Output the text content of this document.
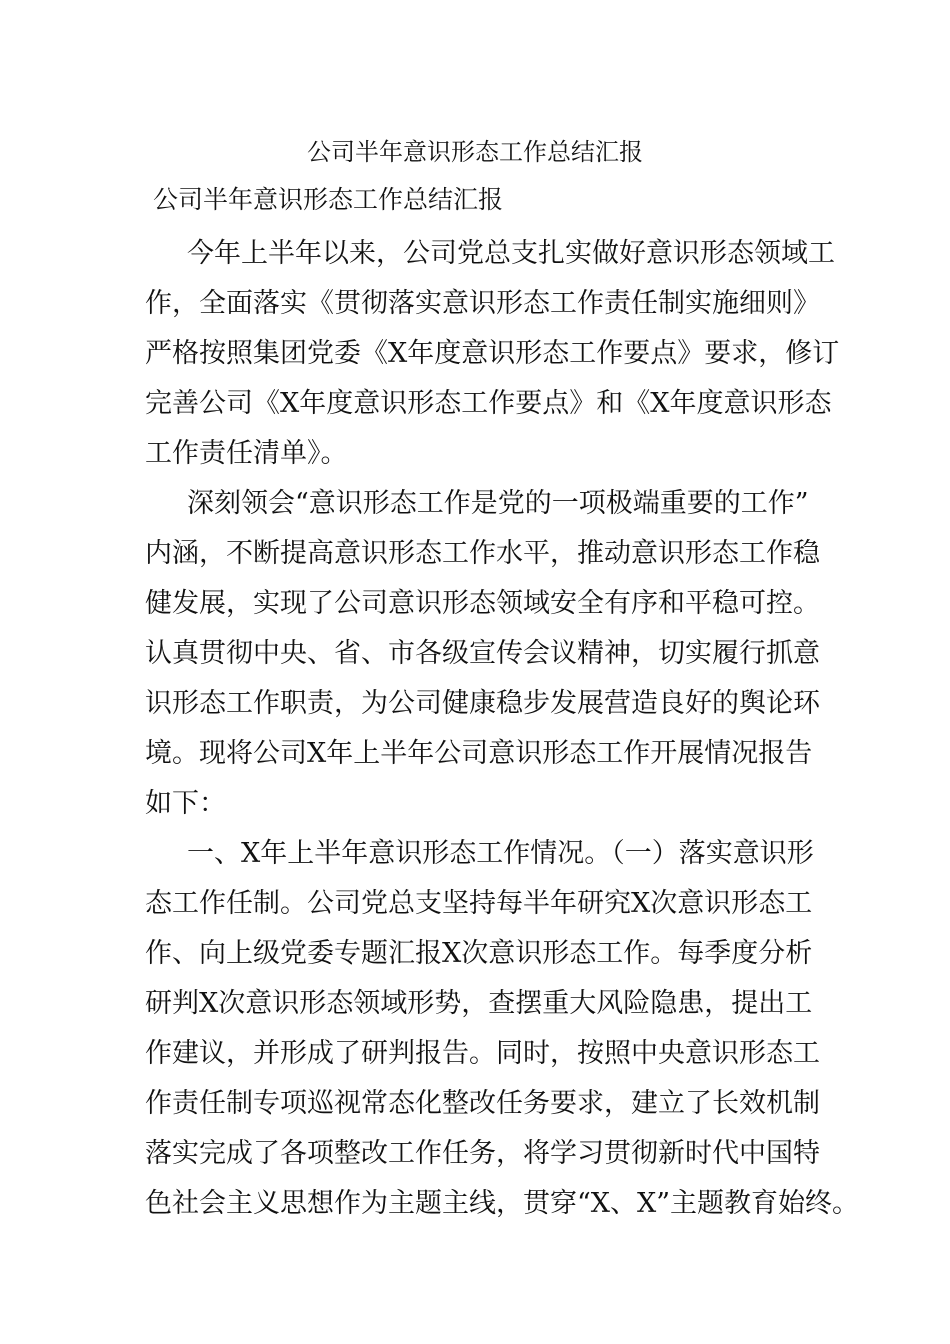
公司半年意识形态工作总结汇报
公司半年意识形态工作总结汇报
今年上半年以来，公司党总支扎实做好意识形态领域工
作，全面落实《贯彻落实意识形态工作责任制实施细则》
严格按照集团党委《X年度意识形态工作要点》要求，修订
完善公司《X年度意识形态工作要点》和《X年度意识形态
工作责任清单》。
深刻领会“意识形态工作是党的一项极端重要的工作”
内涵，不断提高意识形态工作水平，推动意识形态工作稳
健发展，实现了公司意识形态领域安全有序和平稳可控。
认真贯彻中央、省、市各级宣传会议精神，切实履行抓意
识形态工作职责，为公司健康稳步发展营造良好的舆论环
境。现将公司X年上半年公司意识形态工作开展情况报告
如下：
一、X年上半年意识形态工作情况。（一）落实意识形
态工作任制。公司党总支坚持每半年研究X次意识形态工
作、向上级党委专题汇报X次意识形态工作。每季度分析
研判X次意识形态领域形势，查摆重大风险隐患，提出工
作建议，并形成了研判报告。同时，按照中央意识形态工
作责任制专项巡视常态化整改任务要求，建立了长效机制
落实完成了各项整改工作任务，将学习贯彻新时代中国特
色社会主义思想作为主题主线，贯穿“X、X”主题教育始终。
